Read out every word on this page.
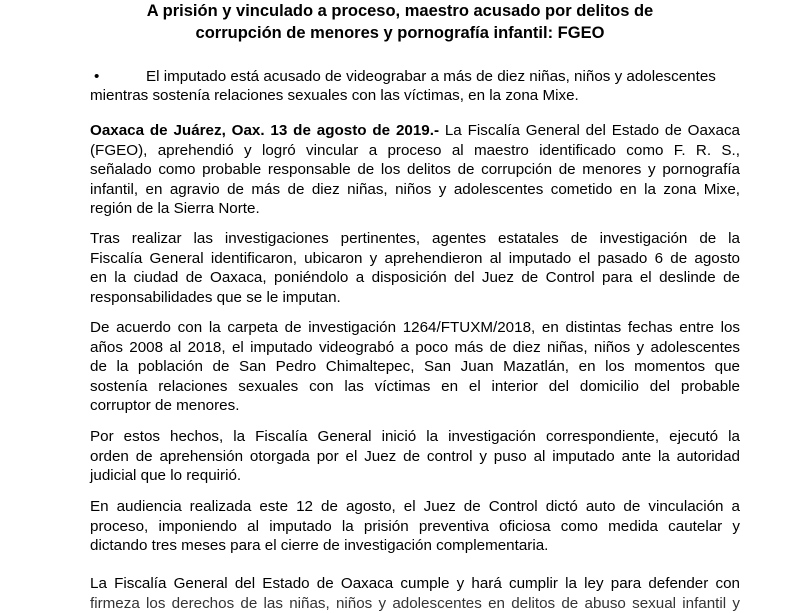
A prisión y vinculado a proceso, maestro acusado por delitos de
corrupción de menores y pornografía infantil: FGEO
•	El imputado está acusado de videograbar a más de diez niñas, niños y adolescentes
mientras sostenía relaciones sexuales con las víctimas, en la zona Mixe.
Oaxaca de Juárez, Oax. 13 de agosto de 2019.- La Fiscalía General del Estado de Oaxaca
(FGEO), aprehendió y logró vincular a proceso al maestro identificado como F. R. S.,
señalado como probable responsable de los delitos de corrupción de menores y pornografía
infantil, en agravio de más de diez niñas, niños y adolescentes cometido en la zona Mixe,
región de la Sierra Norte.
Tras realizar las investigaciones pertinentes, agentes estatales de investigación de la
Fiscalía General identificaron, ubicaron y aprehendieron al imputado el pasado 6 de agosto
en la ciudad de Oaxaca, poniéndolo a disposición del Juez de Control para el deslinde de
responsabilidades que se le imputan.
De acuerdo con la carpeta de investigación 1264/FTUXM/2018, en distintas fechas entre los
años 2008 al 2018, el imputado videograbó a poco más de diez niñas, niños y adolescentes
de la población de San Pedro Chimaltepec, San Juan Mazatlán, en los momentos que
sostenía relaciones sexuales con las víctimas en el interior del domicilio del probable
corruptor de menores.
Por estos hechos, la Fiscalía General inició la investigación correspondiente, ejecutó la
orden de aprehensión otorgada por el Juez de control y puso al imputado ante la autoridad
judicial que lo requirió.
En audiencia realizada este 12 de agosto, el Juez de Control dictó auto de vinculación a
proceso, imponiendo al imputado la prisión preventiva oficiosa como medida cautelar y
dictando tres meses para el cierre de investigación complementaria.
La Fiscalía General del Estado de Oaxaca cumple y hará cumplir la ley para defender con
firmeza los derechos de las niñas, niños y adolescentes en delitos de abuso sexual infantil y
